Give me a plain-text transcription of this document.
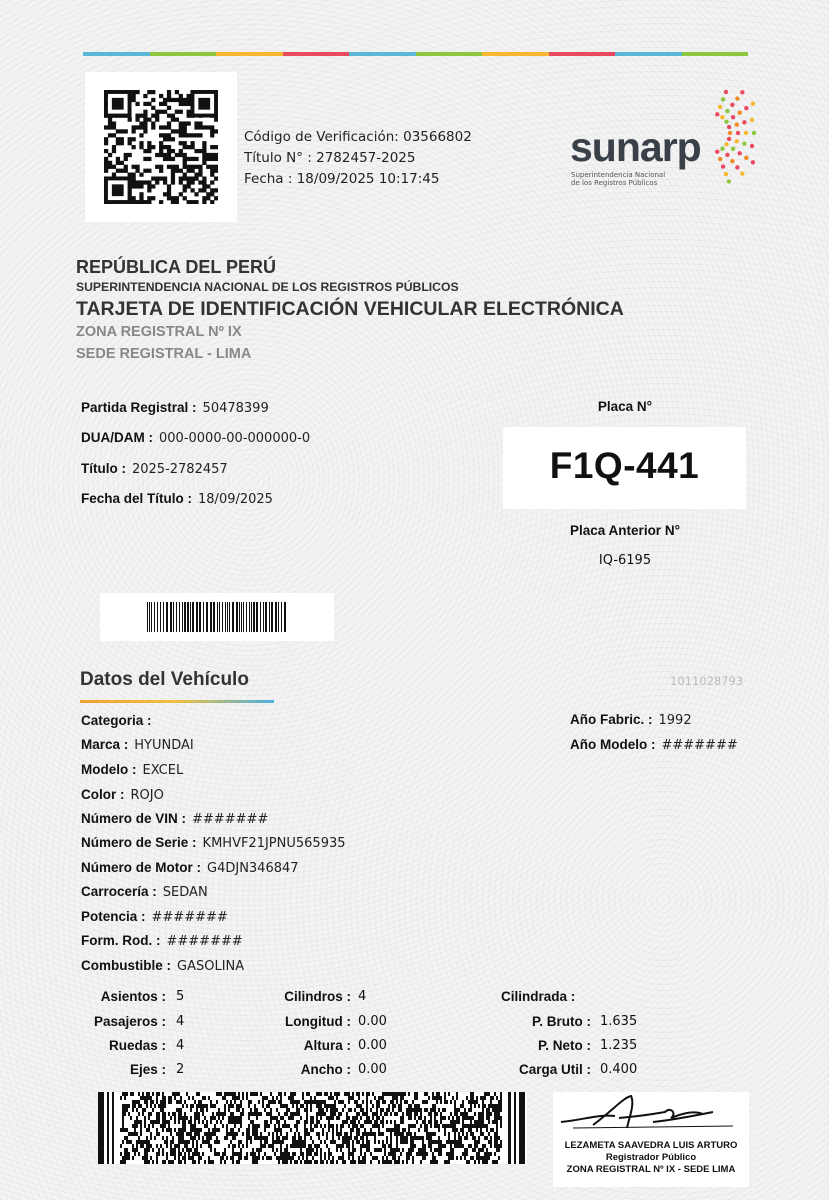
Código de Verificación: 03566802
Título N° : 2782457-2025
Fecha : 18/09/2025 10:17:45
sunarp
Superintendencia Nacional
de los Registros Públicos
REPÚBLICA DEL PERÚ
SUPERINTENDENCIA NACIONAL DE LOS REGISTROS PÚBLICOS
TARJETA DE IDENTIFICACIÓN VEHICULAR ELECTRÓNICA
ZONA REGISTRAL Nº IX
SEDE REGISTRAL - LIMA
Partida Registral : 50478399
DUA/DAM : 000-0000-00-000000-0
Título : 2025-2782457
Fecha del Título : 18/09/2025
Placa N°
F1Q-441
Placa Anterior N°
IQ-6195
Datos del Vehículo	1011028793
Categoria :
Marca : HYUNDAI
Modelo : EXCEL
Color : ROJO
Número de VIN : #######
Número de Serie : KMHVF21JPNU565935
Número de Motor : G4DJN346847
Carrocería : SEDAN
Potencia : #######
Form. Rod. : #######
Combustible : GASOLINA
Año Fabric. : 1992
Año Modelo : #######
Asientos : 5
Pasajeros : 4
Ruedas : 4
Ejes : 2
Cilindros : 4
Longitud : 0.00
Altura : 0.00
Ancho : 0.00
Cilindrada :
P. Bruto : 1.635
P. Neto : 1.235
Carga Util : 0.400
LEZAMETA SAAVEDRA LUIS ARTURO
Registrador Público
ZONA REGISTRAL Nº IX - SEDE LIMA
